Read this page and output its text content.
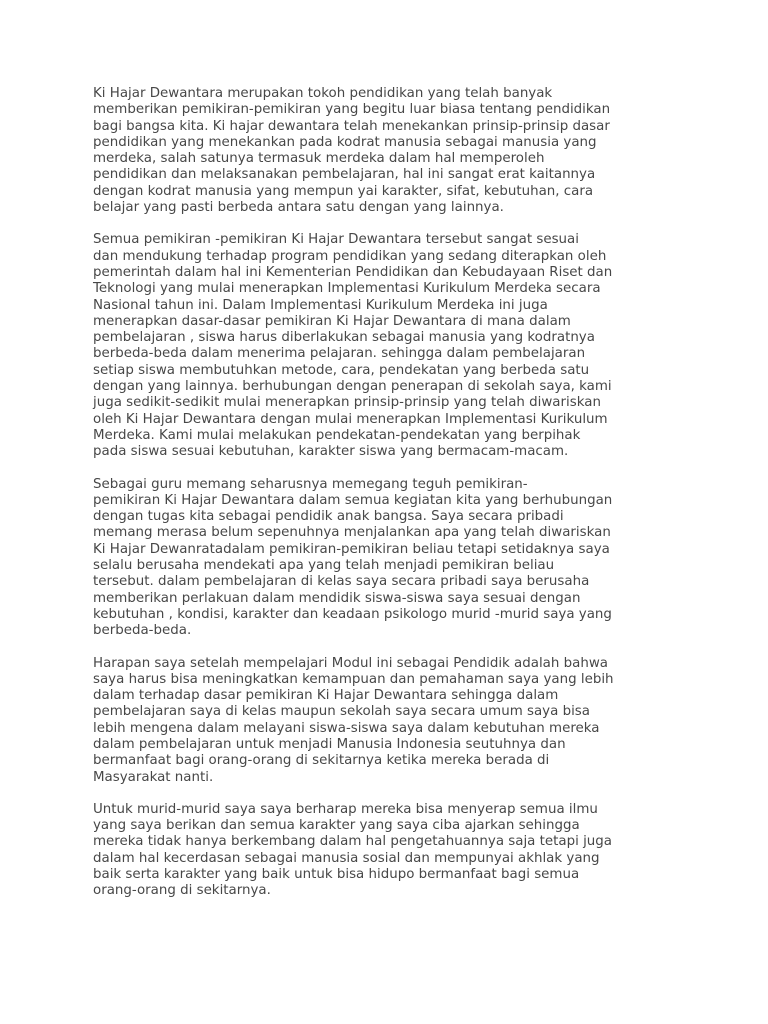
Ki Hajar Dewantara merupakan tokoh pendidikan yang telah banyak
memberikan pemikiran-pemikiran yang begitu luar biasa tentang pendidikan
bagi bangsa kita. Ki hajar dewantara telah menekankan prinsip-prinsip dasar
pendidikan yang menekankan pada kodrat manusia sebagai manusia yang
merdeka, salah satunya termasuk merdeka dalam hal memperoleh
pendidikan dan melaksanakan pembelajaran, hal ini sangat erat kaitannya
dengan kodrat manusia yang mempun yai karakter, sifat, kebutuhan, cara
belajar yang pasti berbeda antara satu dengan yang lainnya.

Semua pemikiran -pemikiran Ki Hajar Dewantara tersebut sangat sesuai
dan mendukung terhadap program pendidikan yang sedang diterapkan oleh
pemerintah dalam hal ini Kementerian Pendidikan dan Kebudayaan Riset dan
Teknologi yang mulai menerapkan Implementasi Kurikulum Merdeka secara
Nasional tahun ini. Dalam Implementasi Kurikulum Merdeka ini juga
menerapkan dasar-dasar pemikiran Ki Hajar Dewantara di mana dalam
pembelajaran , siswa harus diberlakukan sebagai manusia yang kodratnya
berbeda-beda dalam menerima pelajaran. sehingga dalam pembelajaran
setiap siswa membutuhkan metode, cara, pendekatan yang berbeda satu
dengan yang lainnya. berhubungan dengan penerapan di sekolah saya, kami
juga sedikit-sedikit mulai menerapkan prinsip-prinsip yang telah diwariskan
oleh Ki Hajar Dewantara dengan mulai menerapkan Implementasi Kurikulum
Merdeka. Kami mulai melakukan pendekatan-pendekatan yang berpihak
pada siswa sesuai kebutuhan, karakter siswa yang bermacam-macam.

Sebagai guru memang seharusnya memegang teguh pemikiran-
pemikiran Ki Hajar Dewantara dalam semua kegiatan kita yang berhubungan
dengan tugas kita sebagai pendidik anak bangsa. Saya secara pribadi
memang merasa belum sepenuhnya menjalankan apa yang telah diwariskan
Ki Hajar Dewanratadalam pemikiran-pemikiran beliau tetapi setidaknya saya
selalu berusaha mendekati apa yang telah menjadi pemikiran beliau
tersebut. dalam pembelajaran di kelas saya secara pribadi saya berusaha
memberikan perlakuan dalam mendidik siswa-siswa saya sesuai dengan
kebutuhan , kondisi, karakter dan keadaan psikologo murid -murid saya yang
berbeda-beda.

Harapan saya setelah mempelajari Modul ini sebagai Pendidik adalah bahwa
saya harus bisa meningkatkan kemampuan dan pemahaman saya yang lebih
dalam terhadap dasar pemikiran Ki Hajar Dewantara sehingga dalam
pembelajaran saya di kelas maupun sekolah saya secara umum saya bisa
lebih mengena dalam melayani siswa-siswa saya dalam kebutuhan mereka
dalam pembelajaran untuk menjadi Manusia Indonesia seutuhnya dan
bermanfaat bagi orang-orang di sekitarnya ketika mereka berada di
Masyarakat nanti.

Untuk murid-murid saya saya berharap mereka bisa menyerap semua ilmu
yang saya berikan dan semua karakter yang saya ciba ajarkan sehingga
mereka tidak hanya berkembang dalam hal pengetahuannya saja tetapi juga
dalam hal kecerdasan sebagai manusia sosial dan mempunyai akhlak yang
baik serta karakter yang baik untuk bisa hidupo bermanfaat bagi semua
orang-orang di sekitarnya.
